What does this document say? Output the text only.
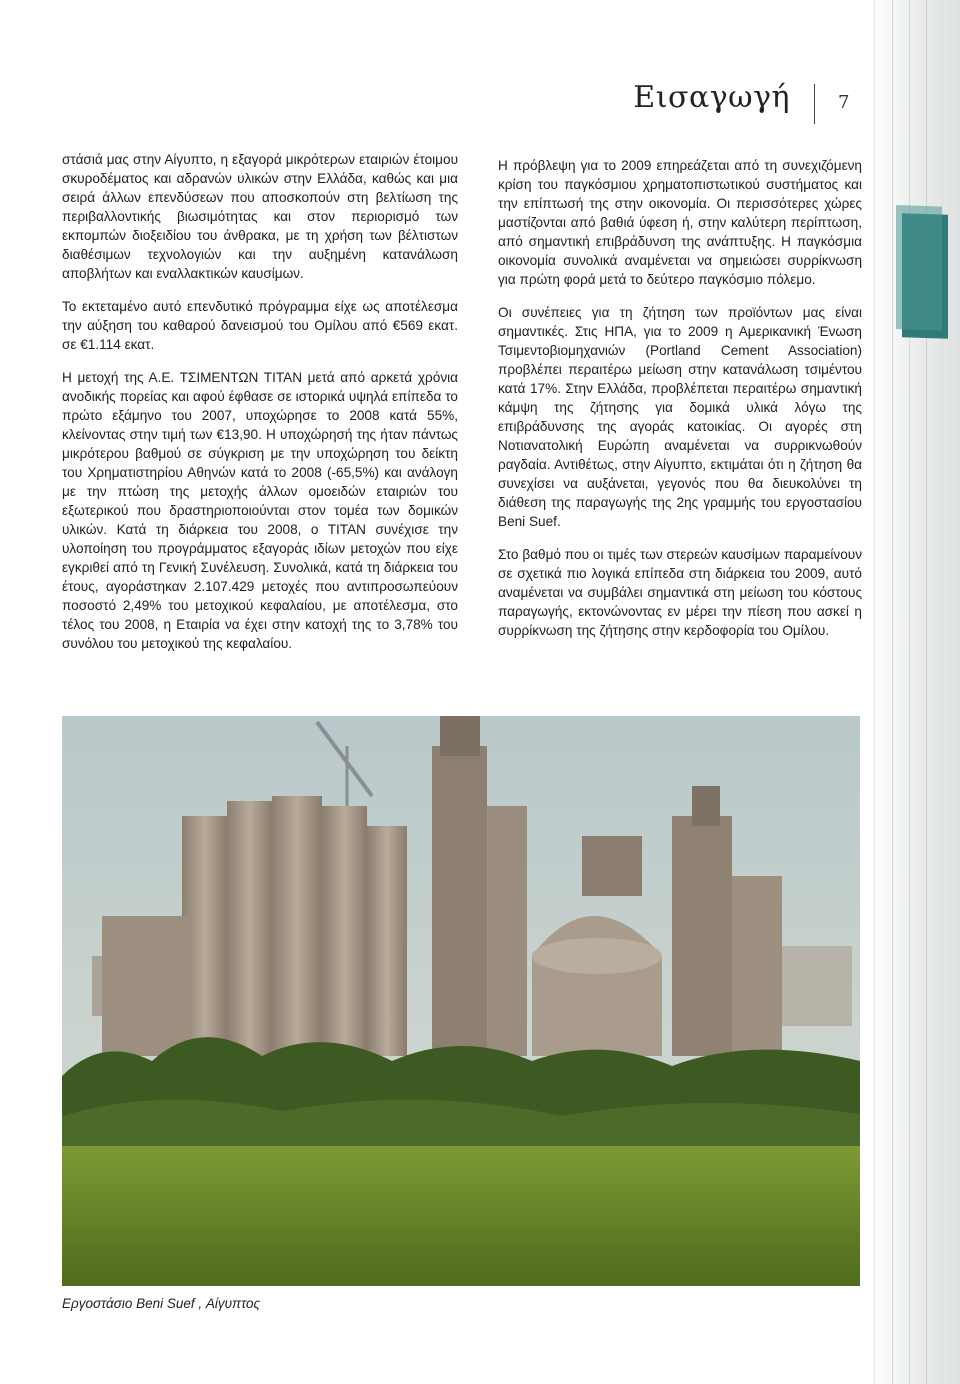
Εισαγωγή	7

στάσιά μας στην Αίγυπτο, η εξαγορά μικρότερων εταιριών έτοιμου σκυροδέματος και αδρανών υλικών στην Ελλάδα, καθώς και μια σειρά άλλων επενδύσεων που αποσκοπούν στη βελτίωση της περιβαλλοντικής βιωσιμότητας και στον περιορισμό των εκπομπών διοξειδίου του άνθρακα, με τη χρήση των βέλτιστων διαθέσιμων τεχνολογιών και την αυξημένη κατανάλωση αποβλήτων και εναλλακτικών καυσίμων.

Το εκτεταμένο αυτό επενδυτικό πρόγραμμα είχε ως αποτέλεσμα την αύξηση του καθαρού δανεισμού του Ομίλου από €569 εκατ. σε €1.114 εκατ.

Η μετοχή της Α.Ε. ΤΣΙΜΕΝΤΩΝ ΤΙΤΑΝ μετά από αρκετά χρόνια ανοδικής πορείας και αφού έφθασε σε ιστορικά υψηλά επίπεδα το πρώτο εξάμηνο του 2007, υποχώρησε το 2008 κατά 55%, κλείνοντας στην τιμή των €13,90. Η υποχώρησή της ήταν πάντως μικρότερου βαθμού σε σύγκριση με την υποχώρηση του δείκτη του Χρηματιστηρίου Αθηνών κατά το 2008 (-65,5%) και ανάλογη με την πτώση της μετοχής άλλων ομοειδών εταιριών του εξωτερικού που δραστηριοποιούνται στον τομέα των δομικών υλικών. Κατά τη διάρκεια του 2008, ο ΤΙΤΑΝ συνέχισε την υλοποίηση του προγράμματος εξαγοράς ιδίων μετοχών που είχε εγκριθεί από τη Γενική Συνέλευση. Συνολικά, κατά τη διάρκεια του έτους, αγοράστηκαν 2.107.429 μετοχές που αντιπροσωπεύουν ποσοστό 2,49% του μετοχικού κεφαλαίου, με αποτέλεσμα, στο τέλος του 2008, η Εταιρία να έχει στην κατοχή της το 3,78% του συνόλου του μετοχικού της κεφαλαίου.

Η πρόβλεψη για το 2009 επηρεάζεται από τη συνεχιζόμενη κρίση του παγκόσμιου χρηματοπιστωτικού συστήματος και την επίπτωσή της στην οικονομία. Οι περισσότερες χώρες μαστίζονται από βαθιά ύφεση ή, στην καλύτερη περίπτωση, από σημαντική επιβράδυνση της ανάπτυξης. Η παγκόσμια οικονομία συνολικά αναμένεται να σημειώσει συρρίκνωση για πρώτη φορά μετά το δεύτερο παγκόσμιο πόλεμο.

Οι συνέπειες για τη ζήτηση των προϊόντων μας είναι σημαντικές. Στις ΗΠΑ, για το 2009 η Αμερικανική Ένωση Τσιμεντοβιομηχανιών (Portland Cement Association) προβλέπει περαιτέρω μείωση στην κατανάλωση τσιμέντου κατά 17%. Στην Ελλάδα, προβλέπεται περαιτέρω σημαντική κάμψη της ζήτησης για δομικά υλικά λόγω της επιβράδυνσης της αγοράς κατοικίας. Οι αγορές στη Νοτιανατολική Ευρώπη αναμένεται να συρρικνωθούν ραγδαία. Αντιθέτως, στην Αίγυπτο, εκτιμάται ότι η ζήτηση θα συνεχίσει να αυξάνεται, γεγονός που θα διευκολύνει τη διάθεση της παραγωγής της 2ης γραμμής του εργοστασίου Beni Suef.

Στο βαθμό που οι τιμές των στερεών καυσίμων παραμείνουν σε σχετικά πιο λογικά επίπεδα στη διάρκεια του 2009, αυτό αναμένεται να συμβάλει σημαντικά στη μείωση του κόστους παραγωγής, εκτονώνοντας εν μέρει την πίεση που ασκεί η συρρίκνωση της ζήτησης στην κερδοφορία του Ομίλου.

Εργοστάσιο Beni Suef , Αίγυπτος
